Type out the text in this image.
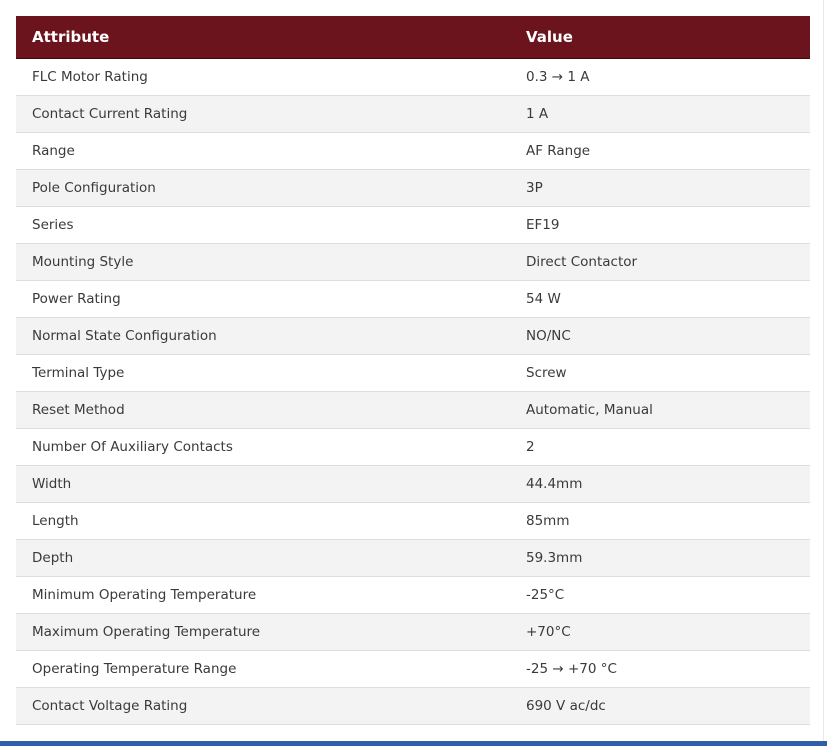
Attribute	Value
FLC Motor Rating	0.3 → 1 A
Contact Current Rating	1 A
Range	AF Range
Pole Configuration	3P
Series	EF19
Mounting Style	Direct Contactor
Power Rating	54 W
Normal State Configuration	NO/NC
Terminal Type	Screw
Reset Method	Automatic, Manual
Number Of Auxiliary Contacts	2
Width	44.4mm
Length	85mm
Depth	59.3mm
Minimum Operating Temperature	-25°C
Maximum Operating Temperature	+70°C
Operating Temperature Range	-25 → +70 °C
Contact Voltage Rating	690 V ac/dc
